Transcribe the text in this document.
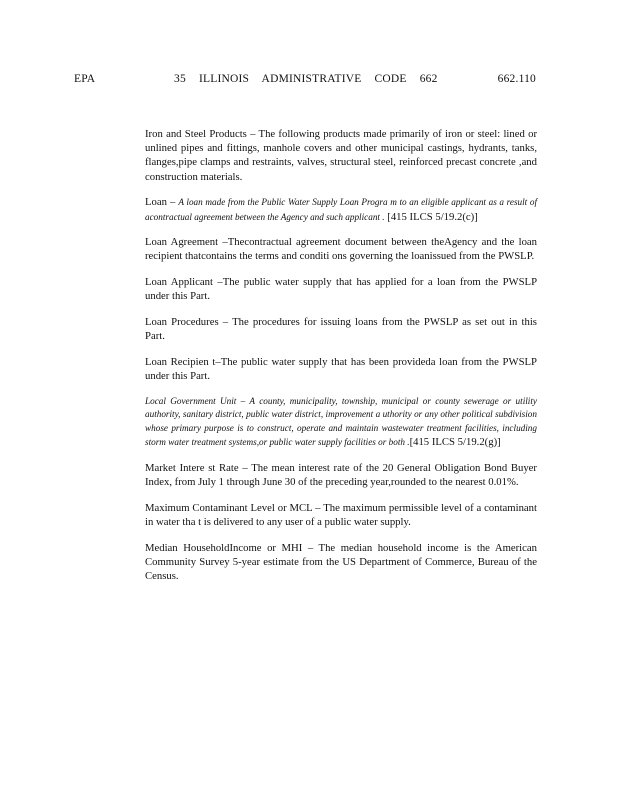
EPA	35 ILLINOIS ADMINISTRATIVE CODE 662	662.110

Iron and Steel Products – The following products made primarily of iron or steel: lined or unlined pipes and fittings, manhole covers and other municipal castings, hydrants, tanks, flanges,pipe clamps and restraints, valves, structural steel, reinforced precast concrete ,and construction materials.

Loan – A loan made from the Public Water Supply Loan Progra m to an eligible applicant as a result of acontractual agreement between the Agency and such applicant . [415 ILCS 5/19.2(c)]

Loan Agreement –Thecontractual agreement document between theAgency and the loan recipient thatcontains the terms and conditi ons governing the loanissued from the PWSLP.

Loan Applicant –The public water supply that has applied for a loan from the PWSLP under this Part.

Loan Procedures – The procedures for issuing loans from the PWSLP as set out in this Part.

Loan Recipien t–The public water supply that has been provideda loan from the PWSLP under this Part.

Local Government Unit – A county, municipality, township, municipal or county sewerage or utility authority, sanitary district, public water district, improvement a uthority or any other political subdivision whose primary purpose is to construct, operate and maintain wastewater treatment facilities, including storm water treatment systems,or public water supply facilities or both .[415 ILCS 5/19.2(g)]

Market Intere st Rate – The mean interest rate of the 20 General Obligation Bond Buyer Index, from July 1 through June 30 of the preceding year,rounded to the nearest 0.01%.

Maximum Contaminant Level or MCL – The maximum permissible level of a contaminant in water tha t is delivered to any user of a public water supply.

Median HouseholdIncome or MHI – The median household income is the American Community Survey 5-year estimate from the US Department of Commerce, Bureau of the Census.
